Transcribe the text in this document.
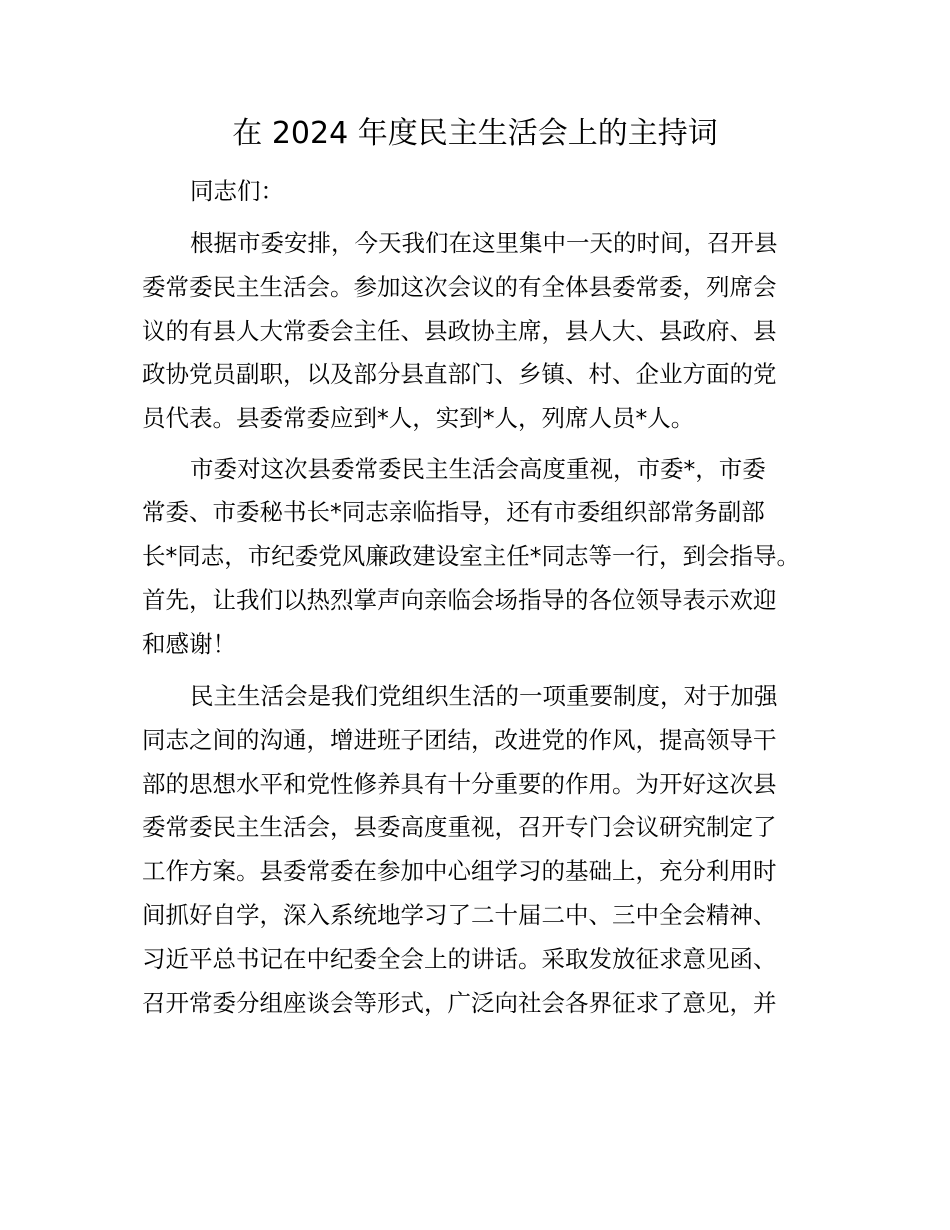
在 2024 年度民主生活会上的主持词

同志们：

根据市委安排，今天我们在这里集中一天的时间，召开县

委常委民主生活会。参加这次会议的有全体县委常委，列席会

议的有县人大常委会主任、县政协主席，县人大、县政府、县

政协党员副职，以及部分县直部门、乡镇、村、企业方面的党

员代表。县委常委应到*人，实到*人，列席人员*人。

市委对这次县委常委民主生活会高度重视，市委*，市委

常委、市委秘书长*同志亲临指导，还有市委组织部常务副部

长*同志，市纪委党风廉政建设室主任*同志等一行，到会指导。

首先，让我们以热烈掌声向亲临会场指导的各位领导表示欢迎

和感谢！

民主生活会是我们党组织生活的一项重要制度，对于加强

同志之间的沟通，增进班子团结，改进党的作风，提高领导干

部的思想水平和党性修养具有十分重要的作用。为开好这次县

委常委民主生活会，县委高度重视，召开专门会议研究制定了

工作方案。县委常委在参加中心组学习的基础上，充分利用时

间抓好自学，深入系统地学习了二十届二中、三中全会精神、

习近平总书记在中纪委全会上的讲话。采取发放征求意见函、

召开常委分组座谈会等形式，广泛向社会各界征求了意见，并
